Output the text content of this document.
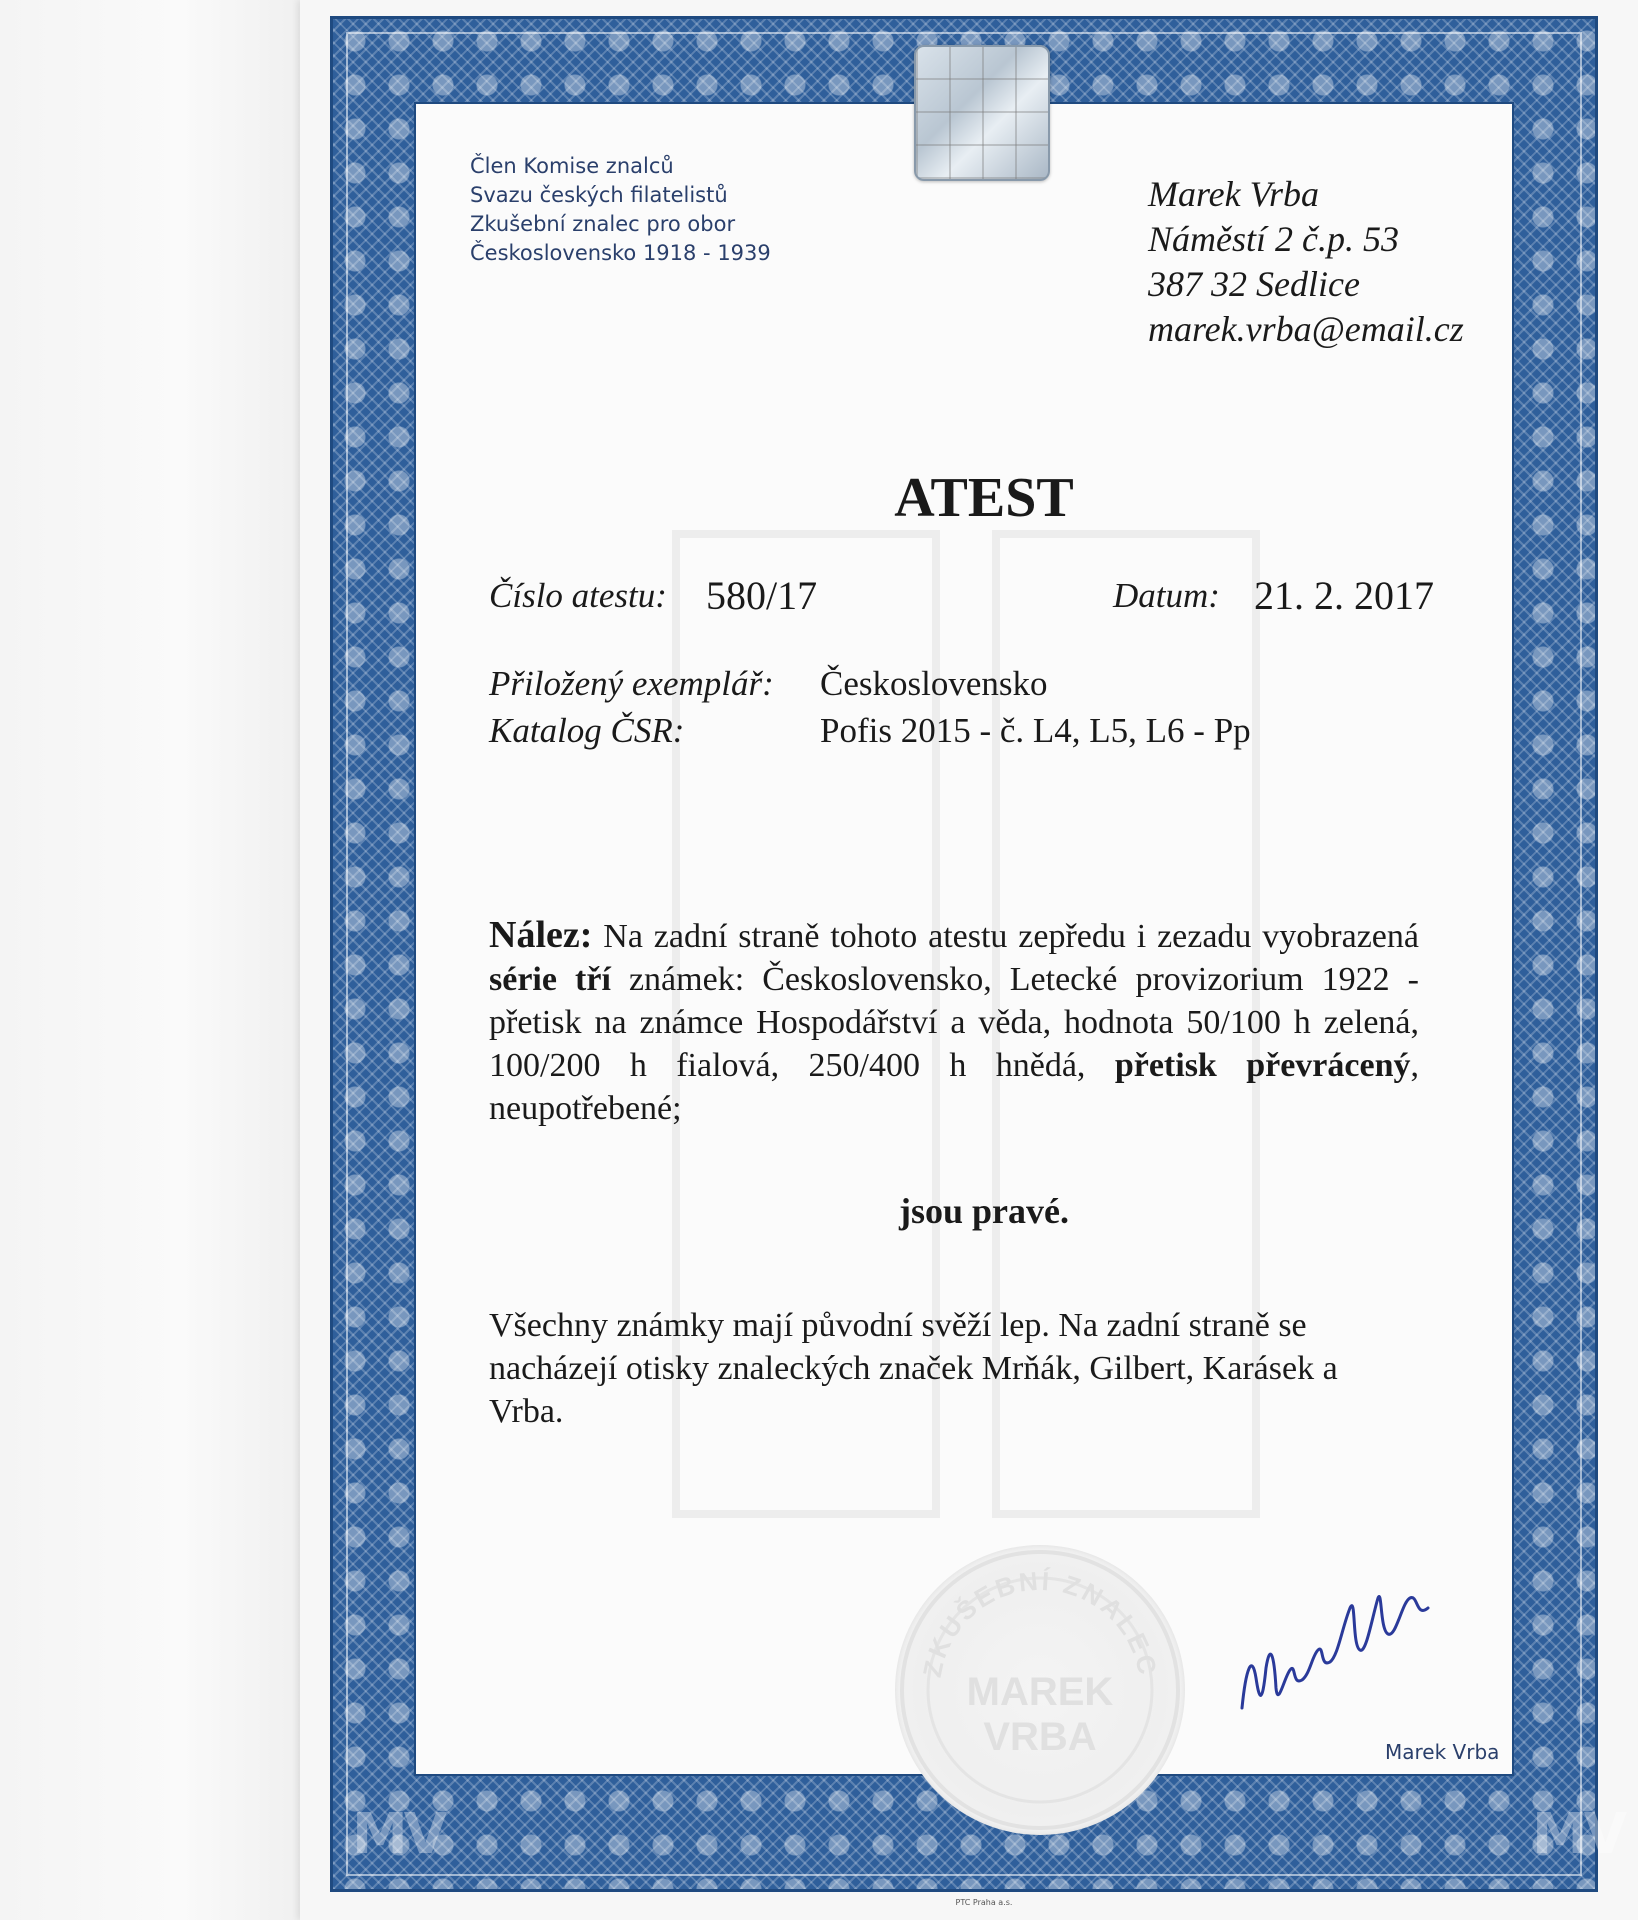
Člen Komise znalců
Svazu českých filatelistů
Zkušební znalec pro obor
Československo 1918 - 1939
Marek Vrba
Náměstí 2 č.p. 53
387 32 Sedlice
marek.vrba@email.cz
ATEST
Číslo atestu: 580/17	Datum: 21. 2. 2017
Přiložený exemplář: Československo
Katalog ČSR:	Pofis 2015 - č. L4, L5, L6 - Pp
Nález: Na zadní straně tohoto atestu zepředu i zezadu vyobrazená série tří známek: Československo, Letecké provizorium 1922 - přetisk na známce Hospodářství a věda, hodnota 50/100 h zelená, 100/200 h fialová, 250/400 h hnědá, přetisk převrácený, neupotřebené;
jsou pravé.
Všechny známky mají původní svěží lep. Na zadní straně se nacházejí otisky znaleckých značek Mrňák, Gilbert, Karásek a Vrba.
ZKUŠEBNÍ ZNALEC
MAREK
VRBA	Marek Vrba
MV	MV
PTC Praha a.s.
